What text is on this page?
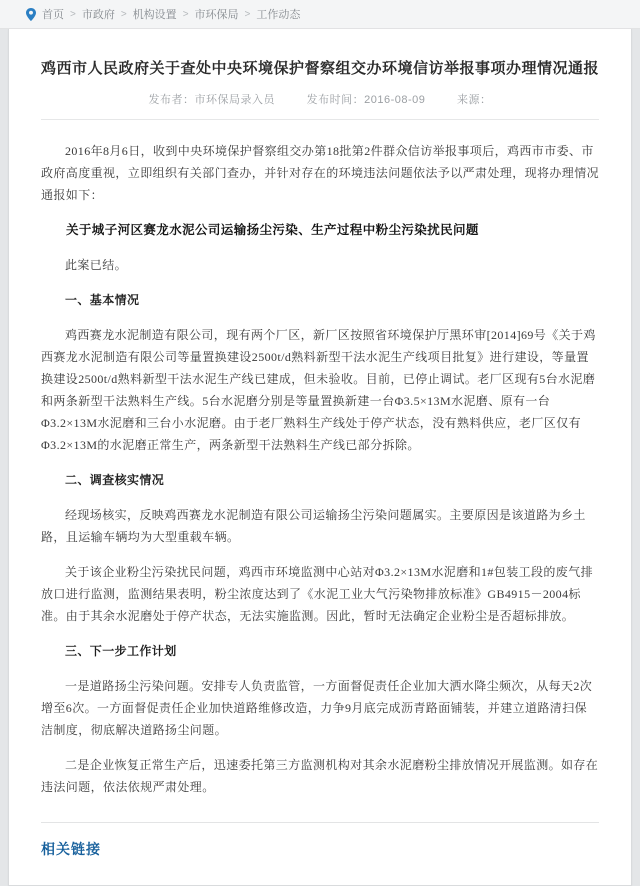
首页 > 市政府 > 机构设置 > 市环保局 > 工作动态
鸡西市人民政府关于查处中央环境保护督察组交办环境信访举报事项办理情况通报
发布者：市环保局录入员	发布时间：2016-08-09	来源：

2016年8月6日，收到中央环境保护督察组交办第18批第2件群众信访举报事项后，鸡西市市委、市政府高度重视，立即组织有关部门查办，并针对存在的环境违法问题依法予以严肃处理，现将办理情况通报如下：

关于城子河区赛龙水泥公司运输扬尘污染、生产过程中粉尘污染扰民问题

此案已结。

一、基本情况

鸡西赛龙水泥制造有限公司，现有两个厂区，新厂区按照省环境保护厅黑环审[2014]69号《关于鸡西赛龙水泥制造有限公司等量置换建设2500t/d熟料新型干法水泥生产线项目批复》进行建设，等量置换建设2500t/d熟料新型干法水泥生产线已建成，但未验收。目前，已停止调试。老厂区现有5台水泥磨和两条新型干法熟料生产线。5台水泥磨分别是等量置换新建一台Φ3.5×13M水泥磨、原有一台Φ3.2×13M水泥磨和三台小水泥磨。由于老厂熟料生产线处于停产状态，没有熟料供应，老厂区仅有Φ3.2×13M的水泥磨正常生产，两条新型干法熟料生产线已部分拆除。

二、调查核实情况

经现场核实，反映鸡西赛龙水泥制造有限公司运输扬尘污染问题属实。主要原因是该道路为乡土路，且运输车辆均为大型重载车辆。

关于该企业粉尘污染扰民问题，鸡西市环境监测中心站对Φ3.2×13M水泥磨和1#包装工段的废气排放口进行监测，监测结果表明，粉尘浓度达到了《水泥工业大气污染物排放标准》GB4915－2004标准。由于其余水泥磨处于停产状态，无法实施监测。因此，暂时无法确定企业粉尘是否超标排放。

三、下一步工作计划

一是道路扬尘污染问题。安排专人负责监管，一方面督促责任企业加大洒水降尘频次，从每天2次增至6次。一方面督促责任企业加快道路维修改造，力争9月底完成沥青路面铺装，并建立道路清扫保洁制度，彻底解决道路扬尘问题。

二是企业恢复正常生产后，迅速委托第三方监测机构对其余水泥磨粉尘排放情况开展监测。如存在违法问题，依法依规严肃处理。

相关链接
